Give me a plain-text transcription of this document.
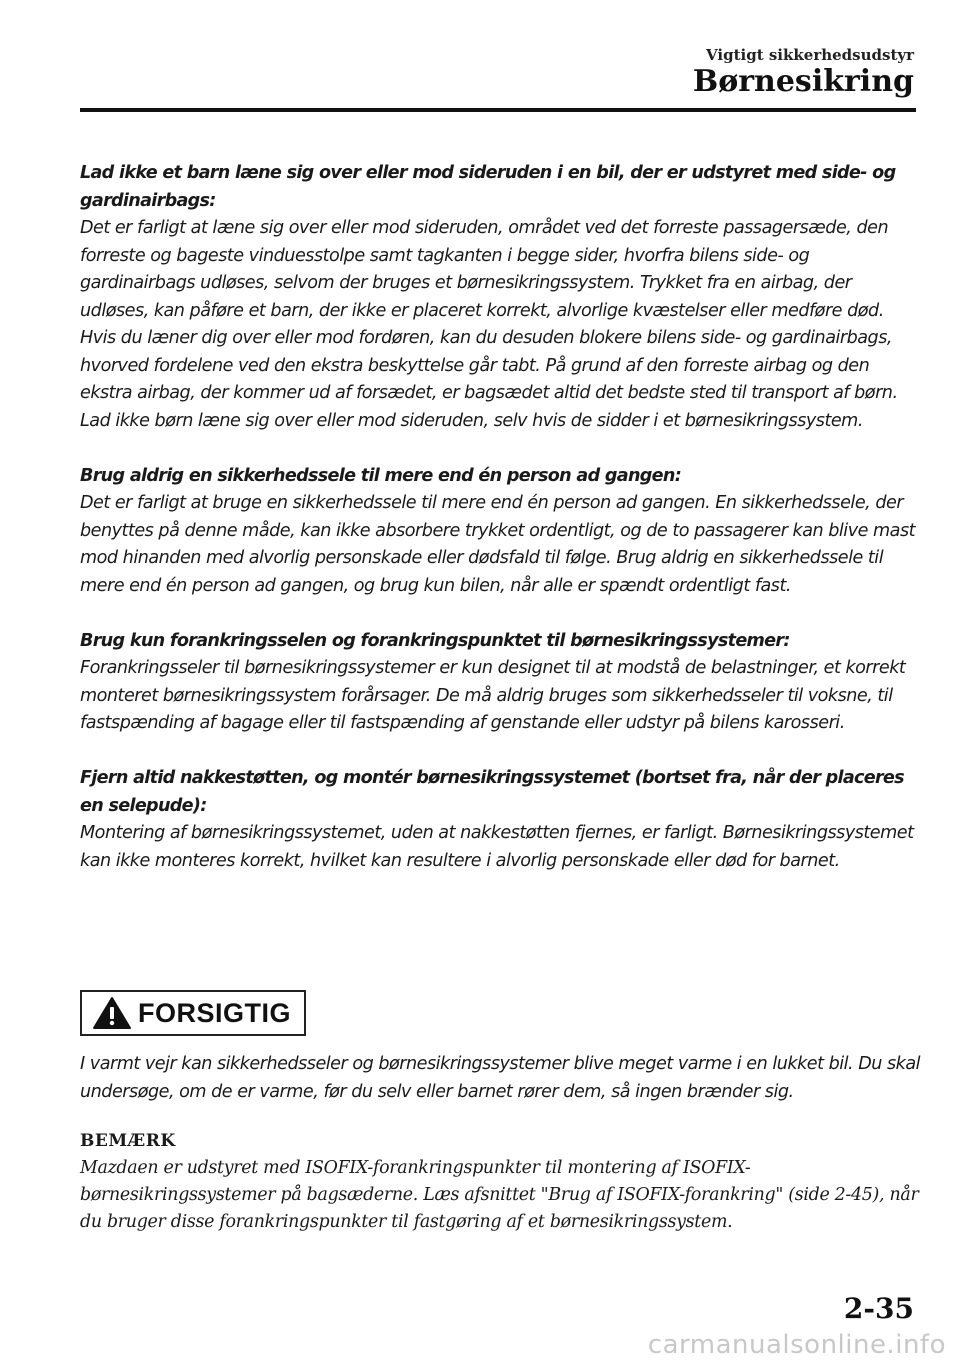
Vigtigt sikkerhedsudstyr
Børnesikring
Lad ikke et barn læne sig over eller mod sideruden i en bil, der er udstyret med side- og gardinairbags:
Det er farligt at læne sig over eller mod sideruden, området ved det forreste passagersæde, den forreste og bageste vinduesstolpe samt tagkanten i begge sider, hvorfra bilens side- og gardinairbags udløses, selvom der bruges et børnesikringssystem. Trykket fra en airbag, der udløses, kan påføre et barn, der ikke er placeret korrekt, alvorlige kvæstelser eller medføre død. Hvis du læner dig over eller mod fordøren, kan du desuden blokere bilens side- og gardinairbags, hvorved fordelene ved den ekstra beskyttelse går tabt. På grund af den forreste airbag og den ekstra airbag, der kommer ud af forsædet, er bagsædet altid det bedste sted til transport af børn. Lad ikke børn læne sig over eller mod sideruden, selv hvis de sidder i et børnesikringssystem.
Brug aldrig en sikkerhedssele til mere end én person ad gangen:
Det er farligt at bruge en sikkerhedssele til mere end én person ad gangen. En sikkerhedssele, der benyttes på denne måde, kan ikke absorbere trykket ordentligt, og de to passagerer kan blive mast mod hinanden med alvorlig personskade eller dødsfald til følge. Brug aldrig en sikkerhedssele til mere end én person ad gangen, og brug kun bilen, når alle er spændt ordentligt fast.
Brug kun forankringsselen og forankringspunktet til børnesikringssystemer:
Forankringsseler til børnesikringssystemer er kun designet til at modstå de belastninger, et korrekt monteret børnesikringssystem forårsager. De må aldrig bruges som sikkerhedsseler til voksne, til fastspænding af bagage eller til fastspænding af genstande eller udstyr på bilens karosseri.
Fjern altid nakkestøtten, og montér børnesikringssystemet (bortset fra, når der placeres en selepude):
Montering af børnesikringssystemet, uden at nakkestøtten fjernes, er farligt. Børnesikringssystemet kan ikke monteres korrekt, hvilket kan resultere i alvorlig personskade eller død for barnet.
FORSIGTIG
I varmt vejr kan sikkerhedsseler og børnesikringssystemer blive meget varme i en lukket bil. Du skal undersøge, om de er varme, før du selv eller barnet rører dem, så ingen brænder sig.
BEMÆRK
Mazdaen er udstyret med ISOFIX-forankringspunkter til montering af ISOFIX-børnesikringssystemer på bagsæderne. Læs afsnittet "Brug af ISOFIX-forankring" (side 2-45), når du bruger disse forankringspunkter til fastgøring af et børnesikringssystem.
2-35
carmanualsonline.info
